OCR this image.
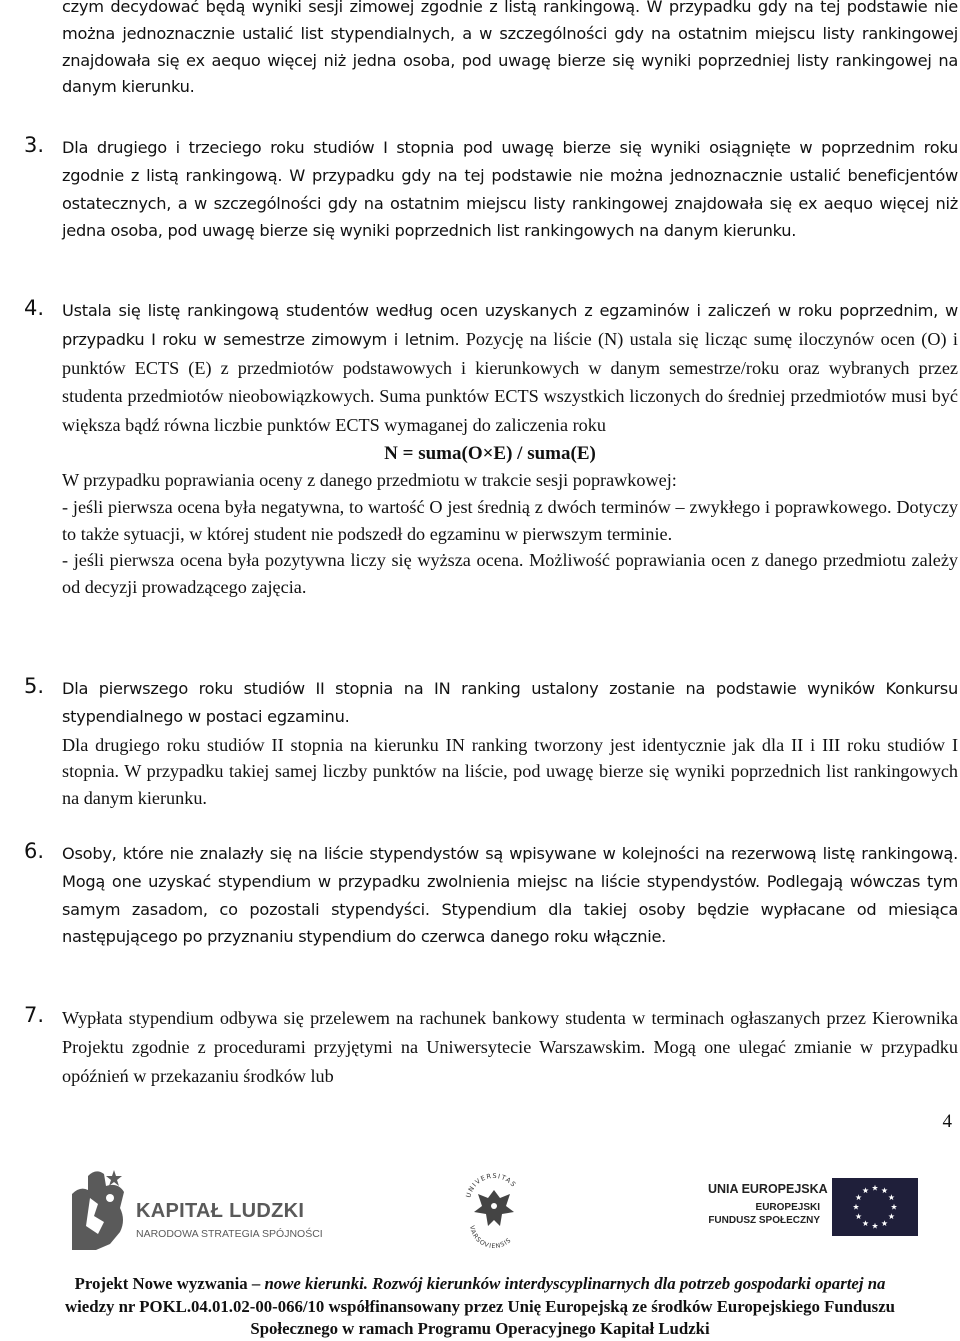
czym decydować będą wyniki sesji zimowej zgodnie z listą rankingową. W przypadku gdy na tej podstawie nie można jednoznacznie ustalić list stypendialnych, a w szczególności gdy na ostatnim miejscu listy rankingowej znajdowała się ex aequo więcej niż jedna osoba, pod uwagę bierze się wyniki poprzedniej listy rankingowej na danym kierunku.

3. Dla drugiego i trzeciego roku studiów I stopnia pod uwagę bierze się wyniki osiągnięte w poprzednim roku zgodnie z listą rankingową. W przypadku gdy na tej podstawie nie można jednoznacznie ustalić beneficjentów ostatecznych, a w szczególności gdy na ostatnim miejscu listy rankingowej znajdowała się ex aequo więcej niż jedna osoba, pod uwagę bierze się wyniki poprzednich list rankingowych na danym kierunku.

4. Ustala się listę rankingową studentów według ocen uzyskanych z egzaminów i zaliczeń w roku poprzednim, w przypadku I roku w semestrze zimowym i letnim. Pozycję na liście (N) ustala się licząc sumę iloczynów ocen (O) i punktów ECTS (E) z przedmiotów podstawowych i kierunkowych w danym semestrze/roku oraz wybranych przez studenta przedmiotów nieobowiązkowych. Suma punktów ECTS wszystkich liczonych do średniej przedmiotów musi być większa bądź równa liczbie punktów ECTS wymaganej do zaliczenia roku

N = suma(O×E) / suma(E)

W przypadku poprawiania oceny z danego przedmiotu w trakcie sesji poprawkowej:

- jeśli pierwsza ocena była negatywna, to wartość O jest średnią z dwóch terminów – zwykłego i poprawkowego. Dotyczy to także sytuacji, w której student nie podszedł do egzaminu w pierwszym terminie.

- jeśli pierwsza ocena była pozytywna liczy się wyższa ocena. Możliwość poprawiania ocen z danego przedmiotu zależy od decyzji prowadzącego zajęcia.

5. Dla pierwszego roku studiów II stopnia na IN ranking ustalony zostanie na podstawie wyników Konkursu stypendialnego w postaci egzaminu.

Dla drugiego roku studiów II stopnia na kierunku IN ranking tworzony jest identycznie jak dla II i III roku studiów I stopnia. W przypadku takiej samej liczby punktów na liście, pod uwagę bierze się wyniki poprzednich list rankingowych na danym kierunku.

6. Osoby, które nie znalazły się na liście stypendystów są wpisywane w kolejności na rezerwową listę rankingową. Mogą one uzyskać stypendium w przypadku zwolnienia miejsc na liście stypendystów. Podlegają wówczas tym samym zasadom, co pozostali stypendyści. Stypendium dla takiej osoby będzie wypłacane od miesiąca następującego po przyznaniu stypendium do czerwca danego roku włącznie.

7. Wypłata stypendium odbywa się przelewem na rachunek bankowy studenta w terminach ogłaszanych przez Kierownika Projektu zgodnie z procedurami przyjętymi na Uniwersytecie Warszawskim. Mogą one ulegać zmianie w przypadku opóźnień w przekazaniu środków lub

4
KAPITAŁ LUDZKI
NARODOWA STRATEGIA SPÓJNOŚCI
UNIVERSITAS
VARSOVIENSIS
UNIA EUROPEJSKA
EUROPEJSKI
FUNDUSZ SPOŁECZNY
Projekt Nowe wyzwania – nowe kierunki. Rozwój kierunków interdyscyplinarnych dla potrzeb gospodarki opartej na
wiedzy nr POKL.04.01.02-00-066/10 współfinansowany przez Unię Europejską ze środków Europejskiego Funduszu
Społecznego w ramach Programu Operacyjnego Kapitał Ludzki
